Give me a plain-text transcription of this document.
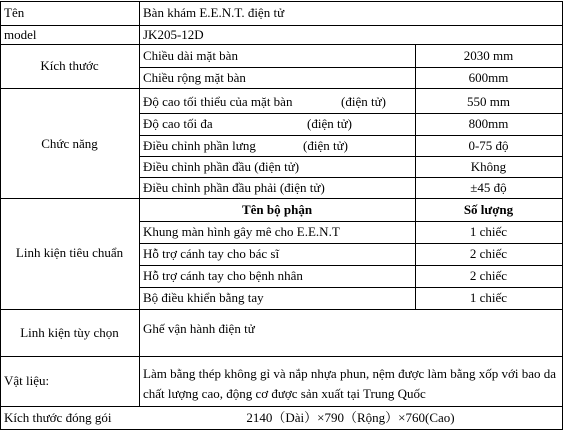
Tên	Bàn khám E.E.N.T. điện tử
model	JK205-12D
Kích thước
Chiều dài mặt bàn	2030 mm
Chiều rộng mặt bàn	600mm
Chức năng
Độ cao tối thiểu của mặt bàn	(điện tử)	550 mm
Độ cao tối đa	(điện tử)	800mm
Điều chỉnh phần lưng	(điện tử)	0-75 độ
Điều chỉnh phần đầu (điện tử)	Không
Điều chỉnh phần đầu phải (điện tử)	±45 độ
Linh kiện tiêu chuẩn
Tên bộ phận	Số lượng
Khung màn hình gây mê cho E.E.N.T	1 chiếc
Hỗ trợ cánh tay cho bác sĩ	2 chiếc
Hỗ trợ cánh tay cho bệnh nhân	2 chiếc
Bộ điều khiển bằng tay	1 chiếc
Linh kiện tùy chọn	Ghế vận hành điện tử
Vật liệu:	Làm bằng thép không gỉ và nắp nhựa phun, nệm được làm bằng xốp với bao da chất lượng cao, động cơ được sản xuất tại Trung Quốc
Kích thước đóng gói	2140（Dài）×790（Rộng）×760(Cao)
